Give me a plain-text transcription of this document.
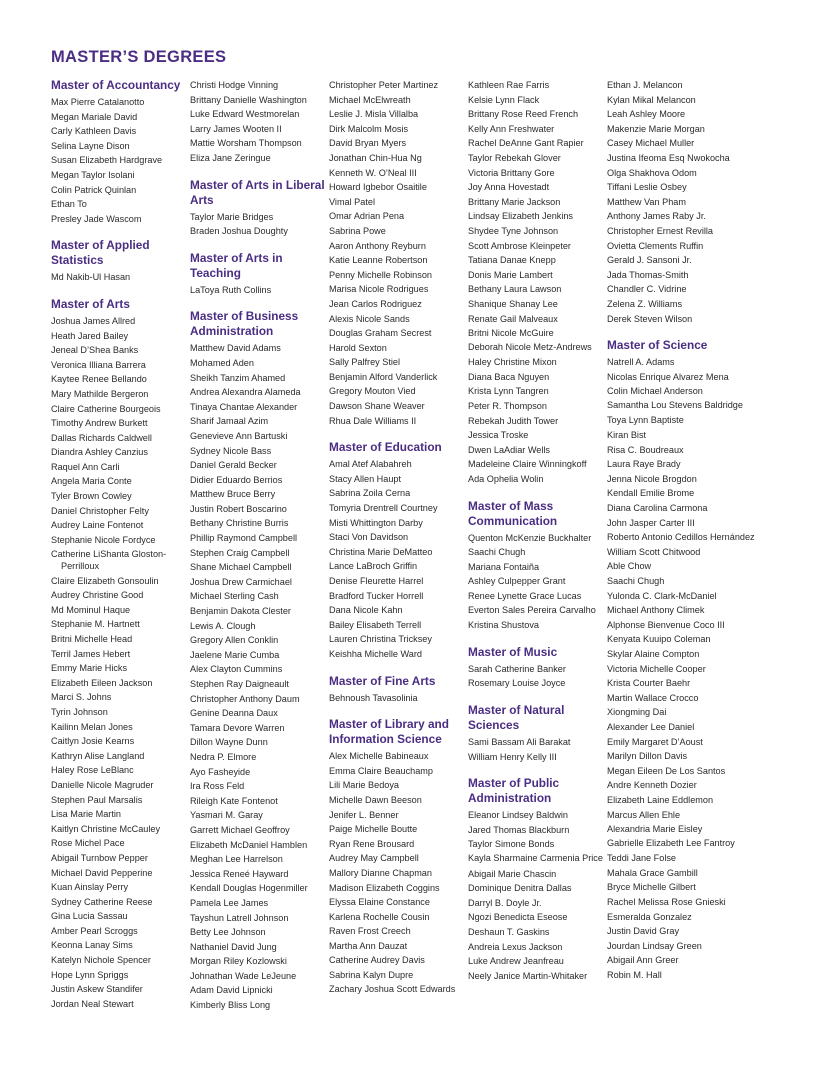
MASTER’S DEGREES
Master of Accountancy
Max Pierre Catalanotto
Megan Mariale David
Carly Kathleen Davis
Selina Layne Dison
Susan Elizabeth Hardgrave
Megan Taylor Isolani
Colin Patrick Quinlan
Ethan To
Presley Jade Wascom
Master of Applied Statistics
Md Nakib-Ul Hasan
Master of Arts
Joshua James Allred
Heath Jared Bailey
Jeneal D’Shea Banks
Veronica Illiana Barrera
Kaytee Renee Bellando
Mary Mathilde Bergeron
Claire Catherine Bourgeois
Timothy Andrew Burkett
Dallas Richards Caldwell
Diandra Ashley Canzius
Raquel Ann Carli
Angela Maria Conte
Tyler Brown Cowley
Daniel Christopher Felty
Audrey Laine Fontenot
Stephanie Nicole Fordyce
Catherine LiShanta Gloston-Perrilloux
Claire Elizabeth Gonsoulin
Audrey Christine Good
Md Mominul Haque
Stephanie M. Hartnett
Britni Michelle Head
Terril James Hebert
Emmy Marie Hicks
Elizabeth Eileen Jackson
Marci S. Johns
Tyrin Johnson
Kailinn Melan Jones
Caitlyn Josie Kearns
Kathryn Alise Langland
Haley Rose LeBlanc
Danielle Nicole Magruder
Stephen Paul Marsalis
Lisa Marie Martin
Kaitlyn Christine McCauley
Rose Michel Pace
Abigail Turnbow Pepper
Michael David Pepperine
Kuan Ainslay Perry
Sydney Catherine Reese
Gina Lucia Sassau
Amber Pearl Scroggs
Keonna Lanay Sims
Katelyn Nichole Spencer
Hope Lynn Spriggs
Justin Askew Standifer
Jordan Neal Stewart
Christi Hodge Vinning
Brittany Danielle Washington
Luke Edward Westmorelan
Larry James Wooten II
Mattie Worsham Thompson
Eliza Jane Zeringue
Master of Arts in Liberal Arts
Taylor Marie Bridges
Braden Joshua Doughty
Master of Arts in Teaching
LaToya Ruth Collins
Master of Business Administration
Matthew David Adams
Mohamed Aden
Sheikh Tanzim Ahamed
Andrea Alexandra Alameda
Tinaya Chantae Alexander
Sharif Jamaal Azim
Genevieve Ann Bartuski
Sydney Nicole Bass
Daniel Gerald Becker
Didier Eduardo Berrios
Matthew Bruce Berry
Justin Robert Boscarino
Bethany Christine Burris
Phillip Raymond Campbell
Stephen Craig Campbell
Shane Michael Campbell
Joshua Drew Carmichael
Michael Sterling Cash
Benjamin Dakota Clester
Lewis A. Clough
Gregory Allen Conklin
Jaelene Marie Cumba
Alex Clayton Cummins
Stephen Ray Daigneault
Christopher Anthony Daum
Genine Deanna Daux
Tamara Devore Warren
Dillon Wayne Dunn
Nedra P. Elmore
Ayo Fasheyide
Ira Ross Feld
Rileigh Kate Fontenot
Yasmari M. Garay
Garrett Michael Geoffroy
Elizabeth McDaniel Hamblen
Meghan Lee Harrelson
Jessica Reneé Hayward
Kendall Douglas Hogenmiller
Pamela Lee James
Tayshun Latrell Johnson
Betty Lee Johnson
Nathaniel David Jung
Morgan Riley Kozlowski
Johnathan Wade LeJeune
Adam David Lipnicki
Kimberly Bliss Long
Christopher Peter Martinez
Michael McElwreath
Leslie J. Misla Villalba
Dirk Malcolm Mosis
David Bryan Myers
Jonathan Chin-Hua Ng
Kenneth W. O’Neal III
Howard Igbebor Osaitile
Vimal Patel
Omar Adrian Pena
Sabrina Powe
Aaron Anthony Reyburn
Katie Leanne Robertson
Penny Michelle Robinson
Marisa Nicole Rodrigues
Jean Carlos Rodriguez
Alexis Nicole Sands
Douglas Graham Secrest
Harold Sexton
Sally Palfrey Stiel
Benjamin Alford Vanderlick
Gregory Mouton Vied
Dawson Shane Weaver
Rhua Dale Williams II
Master of Education
Amal Atef Alabahreh
Stacy Allen Haupt
Sabrina Zoila Cerna
Tomyria Drentrell Courtney
Misti Whittington Darby
Staci Von Davidson
Christina Marie DeMatteo
Lance LaBroch Griffin
Denise Fleurette Harrel
Bradford Tucker Horrell
Dana Nicole Kahn
Bailey Elisabeth Terrell
Lauren Christina Tricksey
Keishha Michelle Ward
Master of Fine Arts
Behnoush Tavasolinia
Master of Library and Information Science
Alex Michelle Babineaux
Emma Claire Beauchamp
Lili Marie Bedoya
Michelle Dawn Beeson
Jenifer L. Benner
Paige Michelle Boutte
Ryan Rene Brousard
Audrey May Campbell
Mallory Dianne Chapman
Madison Elizabeth Coggins
Elyssa Elaine Constance
Karlena Rochelle Cousin
Raven Frost Creech
Martha Ann Dauzat
Catherine Audrey Davis
Sabrina Kalyn Dupre
Zachary Joshua Scott Edwards
Kathleen Rae Farris
Kelsie Lynn Flack
Brittany Rose Reed French
Kelly Ann Freshwater
Rachel DeAnne Gant Rapier
Taylor Rebekah Glover
Victoria Brittany Gore
Joy Anna Hovestadt
Brittany Marie Jackson
Lindsay Elizabeth Jenkins
Shydee Tyne Johnson
Scott Ambrose Kleinpeter
Tatiana Danae Knepp
Donis Marie Lambert
Bethany Laura Lawson
Shanique Shanay Lee
Renate Gail Malveaux
Britni Nicole McGuire
Deborah Nicole Metz-Andrews
Haley Christine Mixon
Diana Baca Nguyen
Krista Lynn Tangren
Peter R. Thompson
Rebekah Judith Tower
Jessica Troske
Dwen LaAdiar Wells
Madeleine Claire Winningkoff
Ada Ophelia Wolin
Master of Mass Communication
Quenton McKenzie Buckhalter
Saachi Chugh
Mariana Fontaiña
Ashley Culpepper Grant
Renee Lynette Grace Lucas
Everton Sales Pereira Carvalho
Kristina Shustova
Master of Music
Sarah Catherine Banker
Rosemary Louise Joyce
Master of Natural Sciences
Sami Bassam Ali Barakat
William Henry Kelly III
Master of Public Administration
Eleanor Lindsey Baldwin
Jared Thomas Blackburn
Taylor Simone Bonds
Kayla Sharmaine Carmenia Price
Abigail Marie Chascin
Dominique Denitra Dallas
Darryl B. Doyle Jr.
Ngozi Benedicta Eseose
Deshaun T. Gaskins
Andreia Lexus Jackson
Luke Andrew Jeanfreau
Neely Janice Martin-Whitaker
Ethan J. Melancon
Kylan Mikal Melancon
Leah Ashley Moore
Makenzie Marie Morgan
Casey Michael Muller
Justina Ifeoma Esq Nwokocha
Olga Shakhova Odom
Tiffani Leslie Osbey
Matthew Van Pham
Anthony James Raby Jr.
Christopher Ernest Revilla
Ovietta Clements Ruffin
Gerald J. Sansoni Jr.
Jada Thomas-Smith
Chandler C. Vidrine
Zelena Z. Williams
Derek Steven Wilson
Master of Science
Natrell A. Adams
Nicolas Enrique Alvarez Mena
Colin Michael Anderson
Samantha Lou Stevens Baldridge
Toya Lynn Baptiste
Kiran Bist
Risa C. Boudreaux
Laura Raye Brady
Jenna Nicole Brogdon
Kendall Emilie Brome
Diana Carolina Carmona
John Jasper Carter III
Roberto Antonio Cedillos Hernández
William Scott Chitwood
Able Chow
Saachi Chugh
Yulonda C. Clark-McDaniel
Michael Anthony Climek
Alphonse Bienvenue Coco III
Kenyata Kuuipo Coleman
Skylar Alaine Compton
Victoria Michelle Cooper
Krista Courter Baehr
Martin Wallace Crocco
Xiongming Dai
Alexander Lee Daniel
Emily Margaret D’Aoust
Marilyn Dillon Davis
Megan Eileen De Los Santos
Andre Kenneth Dozier
Elizabeth Laine Eddlemon
Marcus Allen Ehle
Alexandria Marie Eisley
Gabrielle Elizabeth Lee Fantroy
Teddi Jane Folse
Mahala Grace Gambill
Bryce Michelle Gilbert
Rachel Melissa Rose Gnieski
Esmeralda Gonzalez
Justin David Gray
Jourdan Lindsay Green
Abigail Ann Greer
Robin M. Hall
